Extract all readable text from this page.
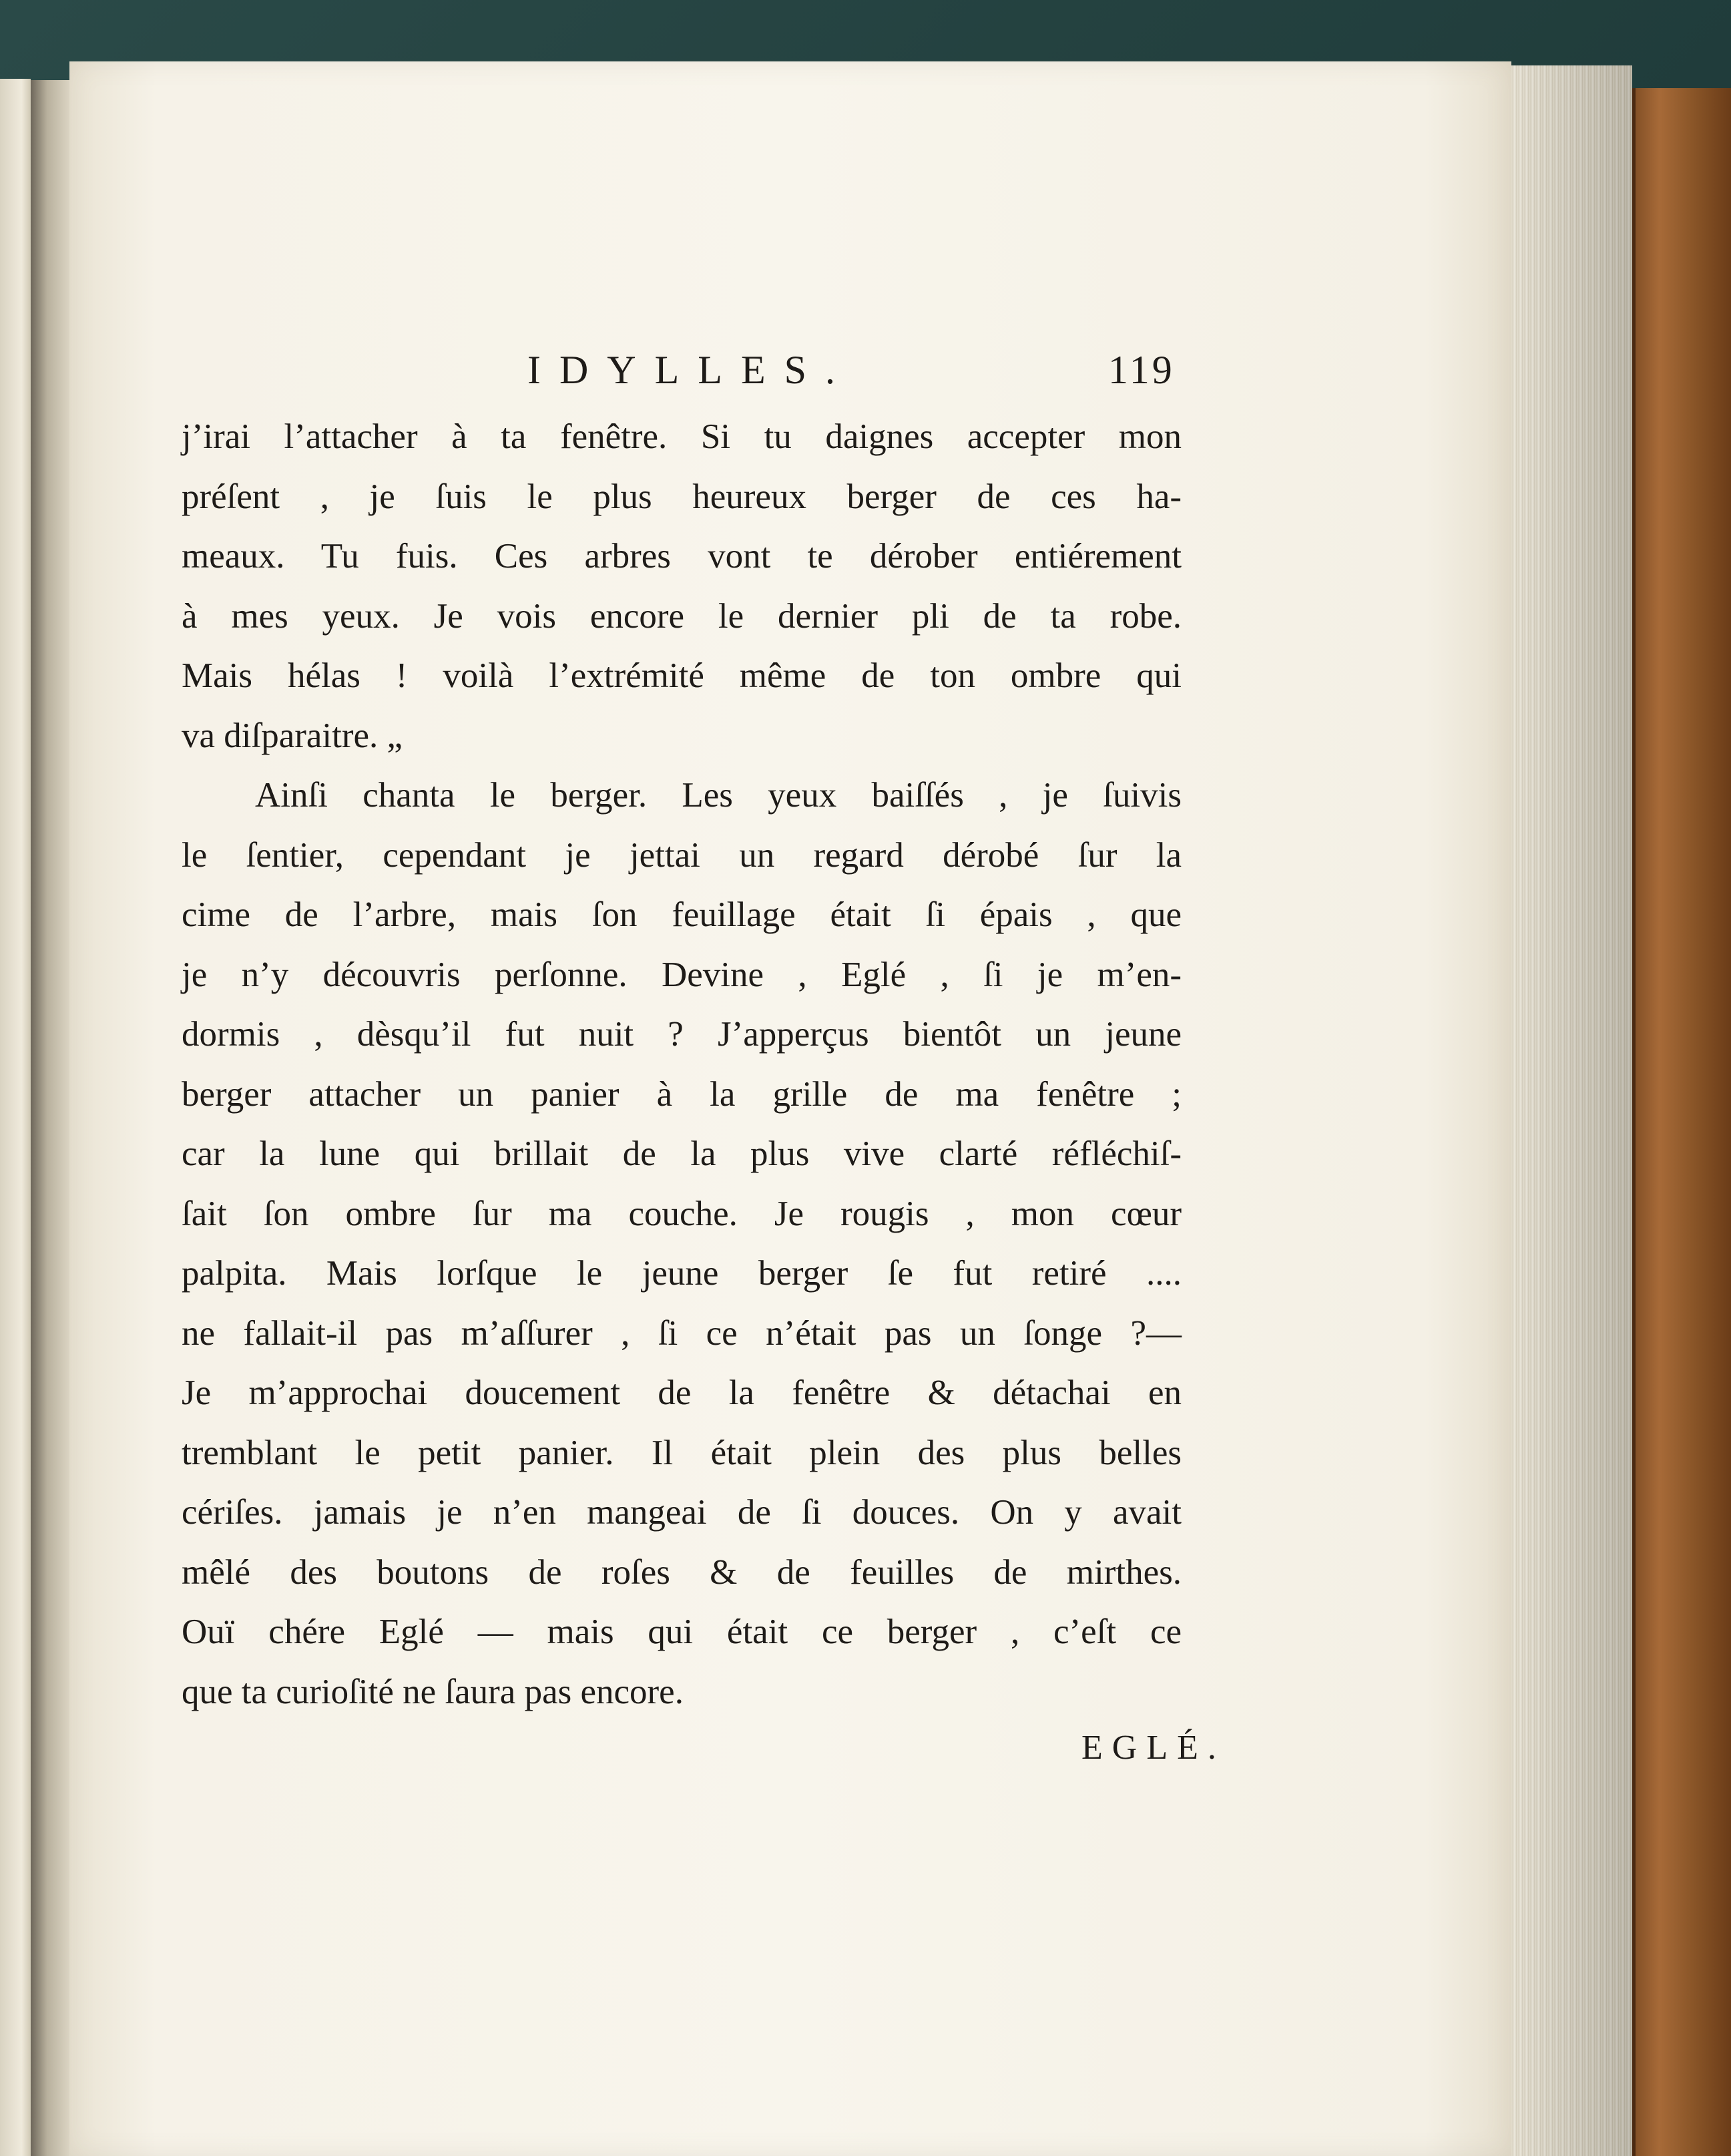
IDYLLES.	119
j’irai l’attacher à ta fenêtre. Si tu daignes accepter mon
préſent , je ſuis le plus heureux berger de ces ha-
meaux. Tu fuis. Ces arbres vont te dérober entiérement
à mes yeux. Je vois encore le dernier pli de ta robe.
Mais hélas ! voilà l’extrémité même de ton ombre qui
va diſparaitre. „
Ainſi chanta le berger. Les yeux baiſſés , je ſuivis
le ſentier, cependant je jettai un regard dérobé ſur la
cime de l’arbre, mais ſon feuillage était ſi épais , que
je n’y découvris perſonne. Devine , Eglé , ſi je m’en-
dormis , dèsqu’il fut nuit ? J’apperçus bientôt un jeune
berger attacher un panier à la grille de ma fenêtre ;
car la lune qui brillait de la plus vive clarté réfléchiſ-
ſait ſon ombre ſur ma couche. Je rougis , mon cœur
palpita. Mais lorſque le jeune berger ſe fut retiré ....
ne fallait-il pas m’aſſurer , ſi ce n’était pas un ſonge ?—
Je m’approchai doucement de la fenêtre & détachai en
tremblant le petit panier. Il était plein des plus belles
cériſes. jamais je n’en mangeai de ſi douces. On y avait
mêlé des boutons de roſes & de feuilles de mirthes.
Ouï chére Eglé — mais qui était ce berger , c’eſt ce
que ta curioſité ne ſaura pas encore.
EGLÉ.
